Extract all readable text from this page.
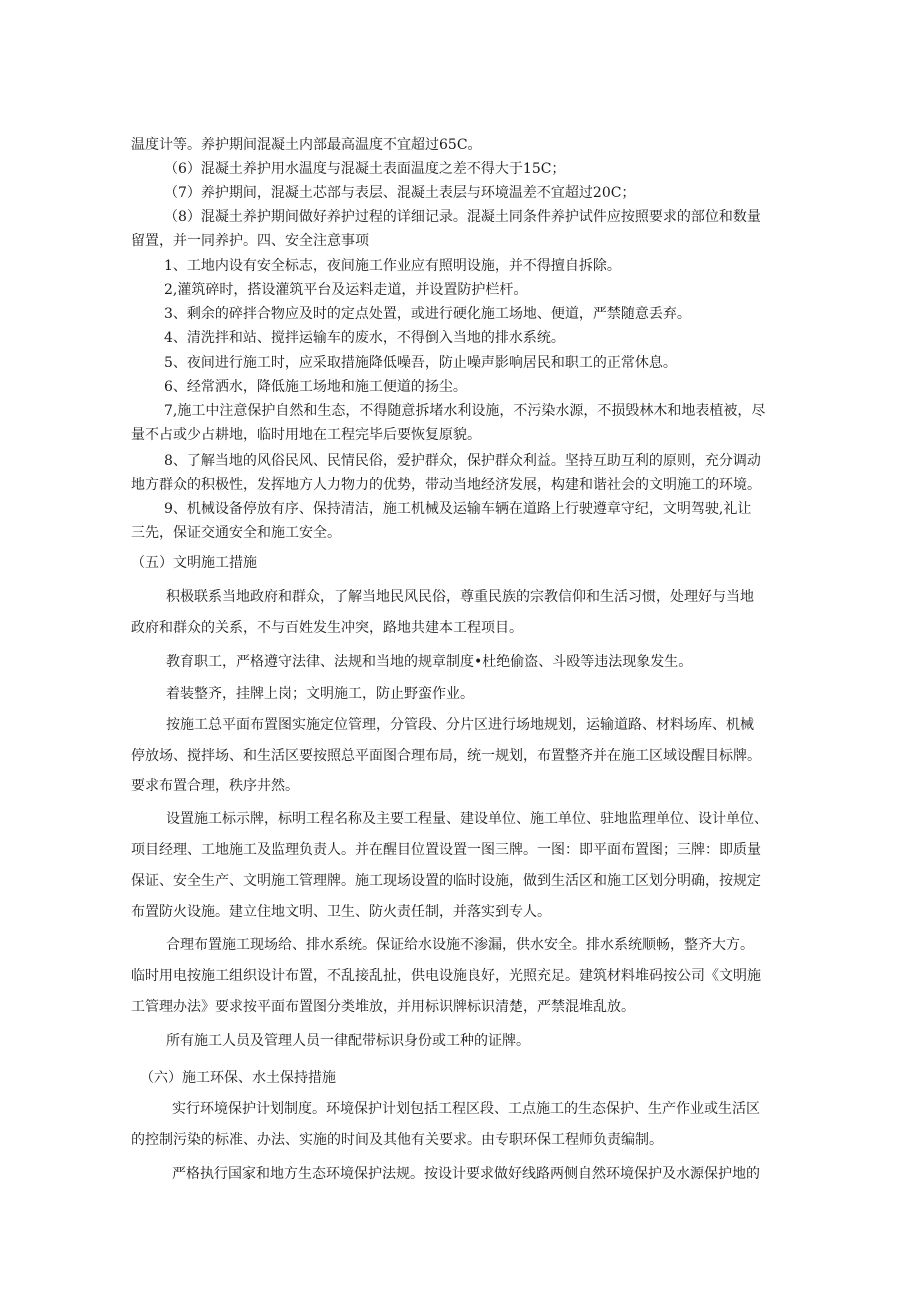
温度计等。养护期间混凝土内部最高温度不宜超过65C。

（6）混凝土养护用水温度与混凝土表面温度之差不得大于15C；

（7）养护期间，混凝土芯部与表层、混凝土表层与环境温差不宜超过20C；

（8）混凝土养护期间做好养护过程的详细记录。混凝土同条件养护试件应按照要求的部位和数量

留置，并一同养护。四、安全注意事项

1、工地内设有安全标志，夜间施工作业应有照明设施，并不得擅自拆除。

2,灌筑碎时，搭设灌筑平台及运料走道，并设置防护栏杆。

3、剩余的碎拌合物应及时的定点处置，或进行硬化施工场地、便道，严禁随意丢弃。

4、清洗拌和站、搅拌运输车的废水，不得倒入当地的排水系统。

5、夜间进行施工时，应采取措施降低噪吾，防止噪声影响居民和职工的正常休息。

6、经常洒水，降低施工场地和施工便道的扬尘。

7,施工中注意保护自然和生态，不得随意拆堵水利设施，不污染水源，不损毁林木和地表植被，尽

量不占或少占耕地，临时用地在工程完毕后要恢复原貌。

8、了解当地的风俗民风、民情民俗，爱护群众，保护群众利益。坚持互助互利的原则，充分调动

地方群众的积极性，发挥地方人力物力的优势，带动当地经济发展，构建和谐社会的文明施工的环境。

9、机械设备停放有序、保持清洁，施工机械及运输车辆在道路上行驶遵章守纪，文明驾驶,礼让

三先，保证交通安全和施工安全。

（五）文明施工措施

积极联系当地政府和群众，了解当地民风民俗，尊重民族的宗教信仰和生活习惯，处理好与当地

政府和群众的关系，不与百姓发生冲突，路地共建本工程项目。

教育职工，严格遵守法律、法规和当地的规章制度•杜绝偷盗、斗殴等违法现象发生。

着装整齐，挂牌上岗；文明施工，防止野蛮作业。

按施工总平面布置图实施定位管理，分管段、分片区进行场地规划，运输道路、材料场库、机械

停放场、搅拌场、和生活区要按照总平面图合理布局，统一规划，布置整齐并在施工区域设醒目标牌。

要求布置合理，秩序井然。

设置施工标示牌，标明工程名称及主要工程量、建设单位、施工单位、驻地监理单位、设计单位、

项目经理、工地施工及监理负责人。并在醒目位置设置一图三牌。一图：即平面布置图；三牌：即质量

保证、安全生产、文明施工管理牌。施工现场设置的临时设施，做到生活区和施工区划分明确，按规定

布置防火设施。建立住地文明、卫生、防火责任制，并落实到专人。

合理布置施工现场给、排水系统。保证给水设施不渗漏，供水安全。排水系统顺畅，整齐大方。

临时用电按施工组织设计布置，不乱接乱扯，供电设施良好，光照充足。建筑材料堆码按公司《文明施

工管理办法》要求按平面布置图分类堆放，并用标识牌标识清楚，严禁混堆乱放。

所有施工人员及管理人员一律配带标识身份或工种的证牌。

（六）施工环保、水土保持措施

实行环境保护计划制度。环境保护计划包括工程区段、工点施工的生态保护、生产作业或生活区

的控制污染的标准、办法、实施的时间及其他有关要求。由专职环保工程师负责编制。

严格执行国家和地方生态环境保护法规。按设计要求做好线路两侧自然环境保护及水源保护地的
